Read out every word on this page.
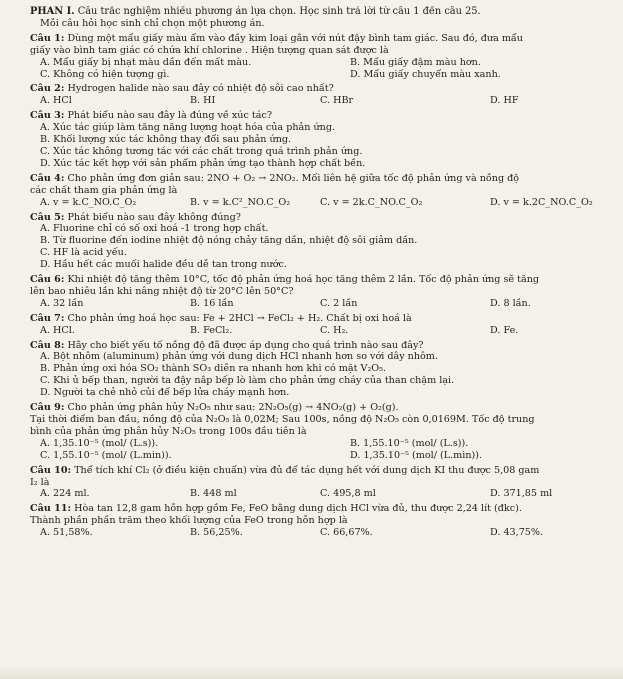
PHẦN I. Câu trắc nghiệm nhiều phương án lựa chọn. Học sinh trả lời từ câu 1 đến câu 25.
Mỗi câu hỏi học sinh chỉ chọn một phương án.
Câu 1: Dùng một mẩu giấy màu ẩm vào đầy kim loại gắn với nút đậy bình tam giác. Sau đó, đưa mẩu
giấy vào bình tam giác có chứa khí chlorine . Hiện tượng quan sát được là
A. Mẩu giấy bị nhạt màu dần đến mất màu.	B. Mẩu giấy đậm màu hơn.
C. Không có hiện tượng gì.	D. Mẩu giấy chuyển màu xanh.
Câu 2: Hydrogen halide nào sau đây có nhiệt độ sôi cao nhất?
A. HCl	B. HI	C. HBr	D. HF
Câu 3: Phát biểu nào sau đây là đúng về xúc tác?
A. Xúc tác giúp làm tăng năng lượng hoạt hóa của phản ứng.
B. Khối lượng xúc tác không thay đổi sau phản ứng.
C. Xúc tác không tương tác với các chất trong quá trình phản ứng.
D. Xúc tác kết hợp với sản phẩm phản ứng tạo thành hợp chất bền.
Câu 4: Cho phản ứng đơn giản sau: 2NO + O₂ → 2NO₂. Mối liên hệ giữa tốc độ phản ứng và nồng độ
các chất tham gia phản ứng là
A. v = k.C_NO.C_O₂	B. v = k.C²_NO.C_O₂	C. v = 2k.C_NO.C_O₂	D. v = k.2C_NO.C_O₂
Câu 5: Phát biểu nào sau đây không đúng?
A. Fluorine chỉ có số oxi hoá -1 trong hợp chất.
B. Từ fluorine đến iodine nhiệt độ nóng chảy tăng dần, nhiệt độ sôi giảm dần.
C. HF là acid yếu.
D. Hầu hết các muối halide đều dễ tan trong nước.
Câu 6: Khi nhiệt độ tăng thêm 10°C, tốc độ phản ứng hoá học tăng thêm 2 lần. Tốc độ phản ứng sẽ tăng
lên bao nhiêu lần khi nâng nhiệt độ từ 20°C lên 50°C?
A. 32 lần	B. 16 lần	C. 2 lần	D. 8 lần.
Câu 7: Cho phản ứng hoá học sau: Fe + 2HCl → FeCl₂ + H₂. Chất bị oxi hoá là
A. HCl.	B. FeCl₂.	C. H₂.	D. Fe.
Câu 8: Hãy cho biết yếu tố nồng độ đã được áp dụng cho quá trình nào sau đây?
A. Bột nhôm (aluminum) phản ứng với dung dịch HCl nhanh hơn so với dây nhôm.
B. Phản ứng oxi hóa SO₂ thành SO₃ diễn ra nhanh hơn khi có mặt V₂O₅.
C. Khi ủ bếp than, người ta đậy nắp bếp lò làm cho phản ứng cháy của than chậm lại.
D. Người ta chẻ nhỏ củi để bếp lửa cháy mạnh hơn.
Câu 9: Cho phản ứng phân hủy N₂O₅ như sau: 2N₂O₅(g) → 4NO₂(g) + O₂(g).
Tại thời điểm ban đầu, nồng độ của N₂O₅ là 0,02M; Sau 100s, nồng độ N₂O₅ còn 0,0169M. Tốc độ trung
bình của phản ứng phân hủy N₂O₅ trong 100s đầu tiên là
A. 1,35.10⁻⁵ (mol/ (L.s)).	B. 1,55.10⁻⁵ (mol/ (L.s)).
C. 1,55.10⁻⁵ (mol/ (L.min)).	D. 1,35.10⁻⁵ (mol/ (L.min)).
Câu 10: Thể tích khí Cl₂ (ở điều kiện chuẩn) vừa đủ để tác dụng hết với dung dịch KI thu được 5,08 gam
I₂ là
A. 224 ml.	B. 448 ml	C. 495,8 ml	D. 371,85 ml
Câu 11: Hòa tan 12,8 gam hỗn hợp gồm Fe, FeO bằng dung dịch HCl vừa đủ, thu được 2,24 lít (đkc).
Thành phần phần trăm theo khối lượng của FeO trong hỗn hợp là
A. 51,58%.	B. 56,25%.	C. 66,67%.	D. 43,75%.
